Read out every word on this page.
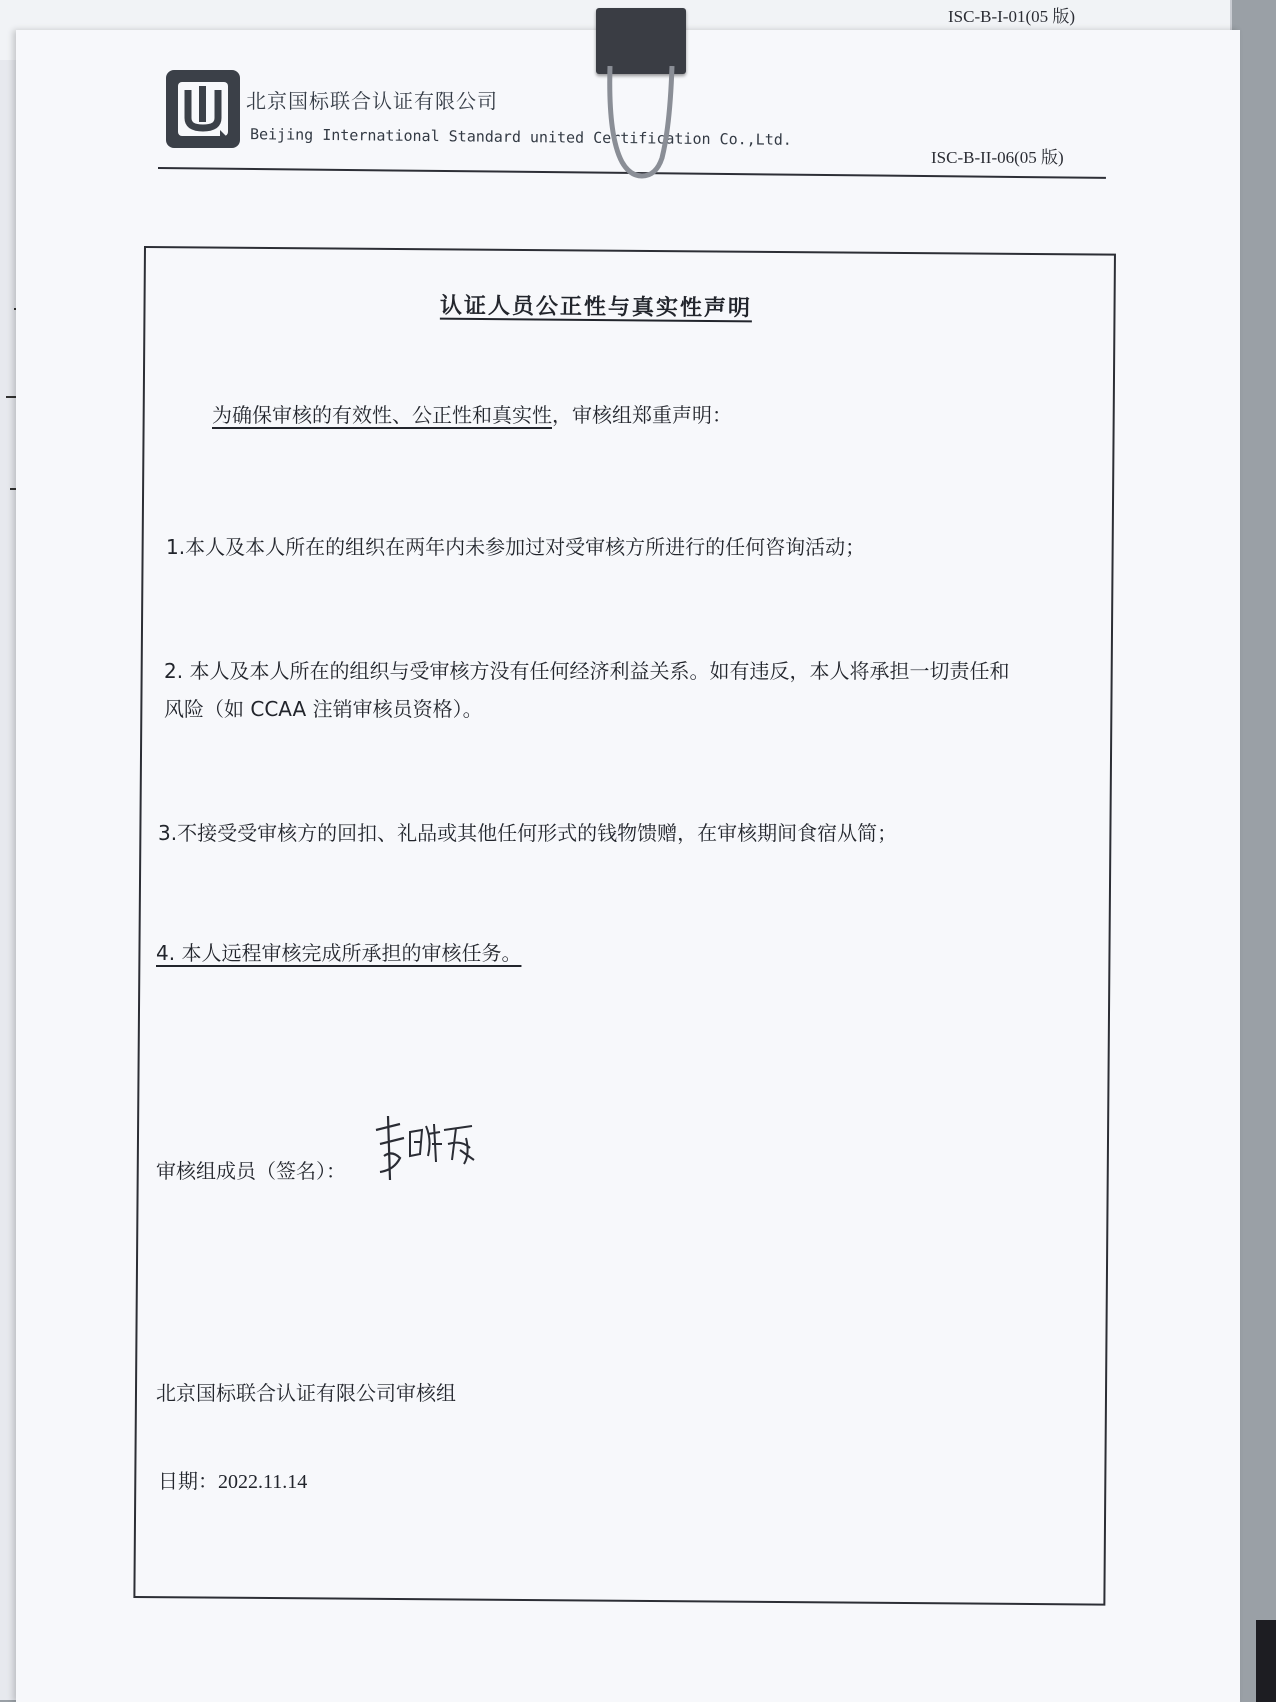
ISC-B-I-01(05 版)
北京国标联合认证有限公司
Beijing International Standard united Certification Co.,Ltd.
ISC-B-II-06(05 版)
认证人员公正性与真实性声明
为确保审核的有效性、公正性和真实性，审核组郑重声明：
1.本人及本人所在的组织在两年内未参加过对受审核方所进行的任何咨询活动；
2. 本人及本人所在的组织与受审核方没有任何经济利益关系。如有违反，本人将承担一切责任和
风险（如 CCAA 注销审核员资格）。
3.不接受受审核方的回扣、礼品或其他任何形式的钱物馈赠，在审核期间食宿从简；
4. 本人远程审核完成所承担的审核任务。
审核组成员（签名）：
北京国标联合认证有限公司审核组
日期：2022.11.14
